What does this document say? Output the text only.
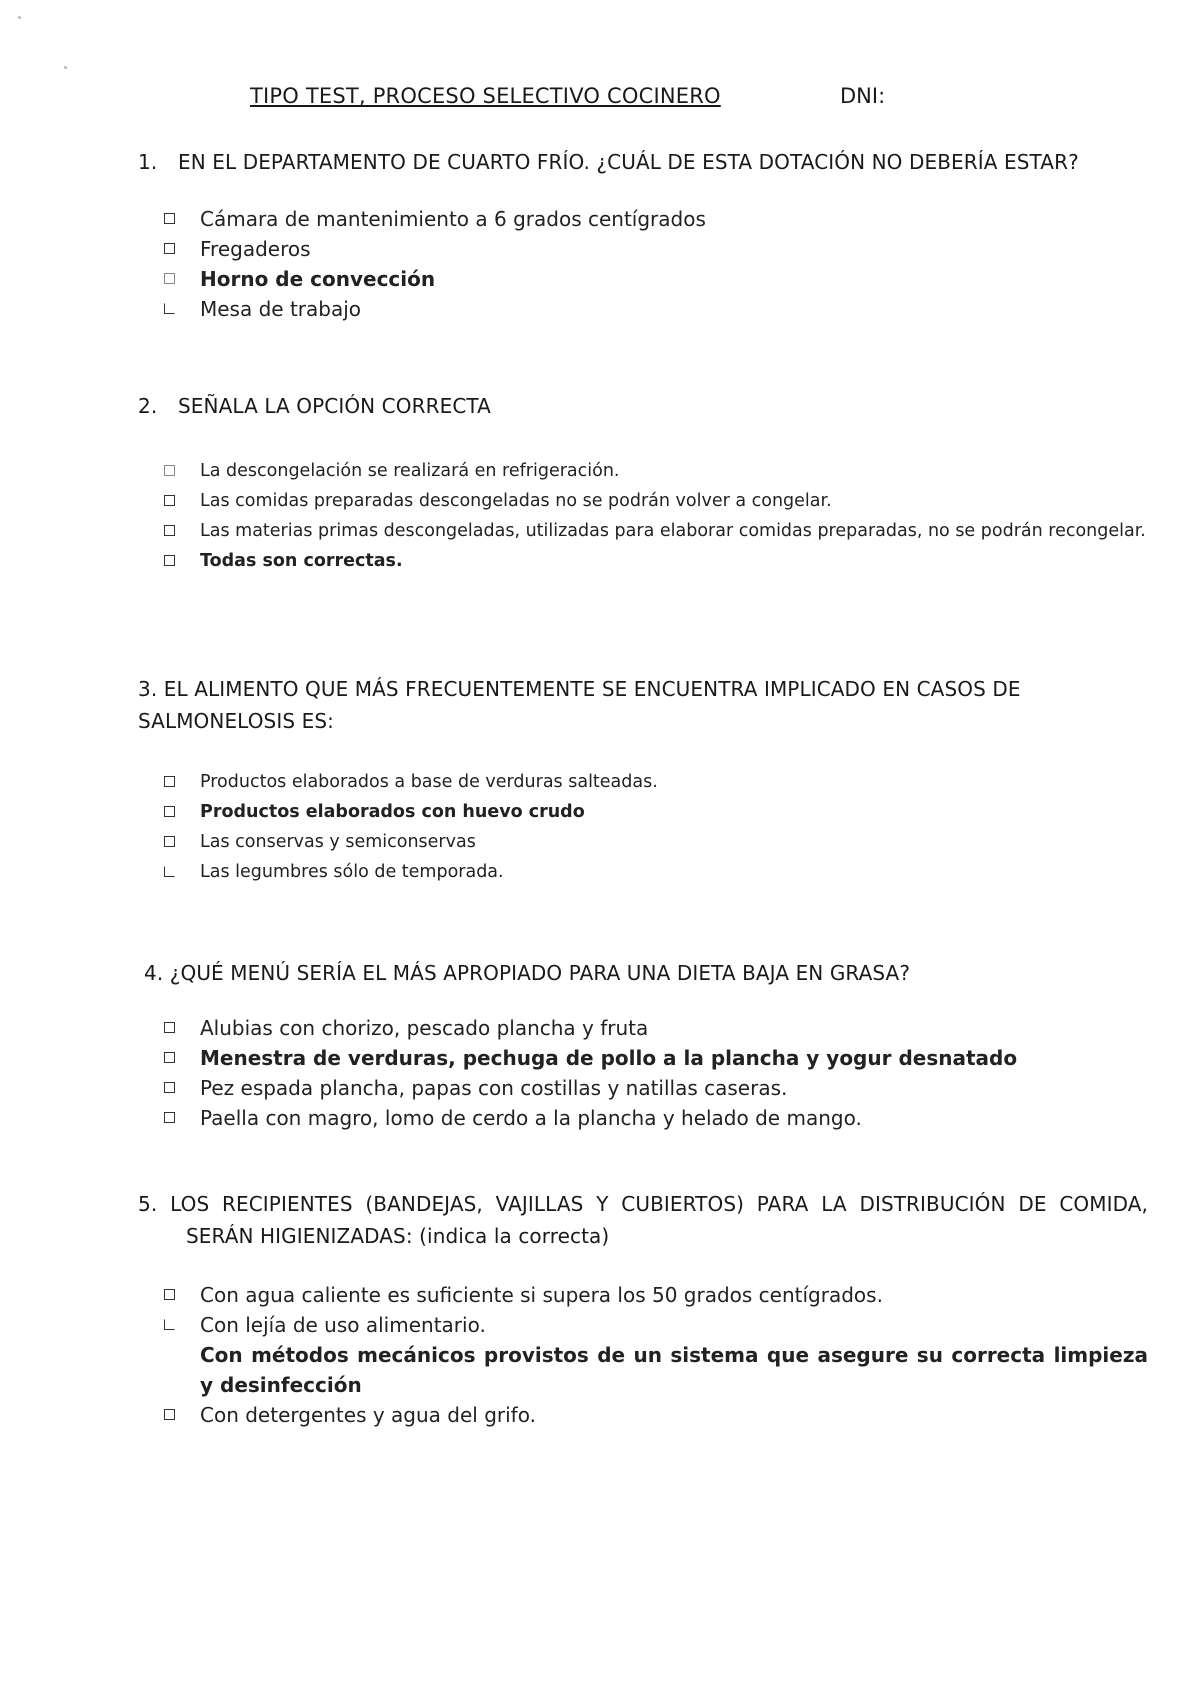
TIPO TEST, PROCESO SELECTIVO COCINERO	DNI:
1. EN EL DEPARTAMENTO DE CUARTO FRÍO. ¿CUÁL DE ESTA DOTACIÓN NO DEBERÍA ESTAR?
Cámara de mantenimiento a 6 grados centígrados
Fregaderos
Horno de convección
Mesa de trabajo
2. SEÑALA LA OPCIÓN CORRECTA
La descongelación se realizará en refrigeración.
Las comidas preparadas descongeladas no se podrán volver a congelar.
Las materias primas descongeladas, utilizadas para elaborar comidas preparadas, no se podrán recongelar.
Todas son correctas.
3. EL ALIMENTO QUE MÁS FRECUENTEMENTE SE ENCUENTRA IMPLICADO EN CASOS DE SALMONELOSIS ES:
Productos elaborados a base de verduras salteadas.
Productos elaborados con huevo crudo
Las conservas y semiconservas
Las legumbres sólo de temporada.
4. ¿QUÉ MENÚ SERÍA EL MÁS APROPIADO PARA UNA DIETA BAJA EN GRASA?
Alubias con chorizo, pescado plancha y fruta
Menestra de verduras, pechuga de pollo a la plancha y yogur desnatado
Pez espada plancha, papas con costillas y natillas caseras.
Paella con magro, lomo de cerdo a la plancha y helado de mango.
5. LOS RECIPIENTES (BANDEJAS, VAJILLAS Y CUBIERTOS) PARA LA DISTRIBUCIÓN DE COMIDA,
SERÁN HIGIENIZADAS: (indica la correcta)
Con agua caliente es suficiente si supera los 50 grados centígrados.
Con lejía de uso alimentario.
Con métodos mecánicos provistos de un sistema que asegure su correcta limpieza y desinfección
Con detergentes y agua del grifo.
